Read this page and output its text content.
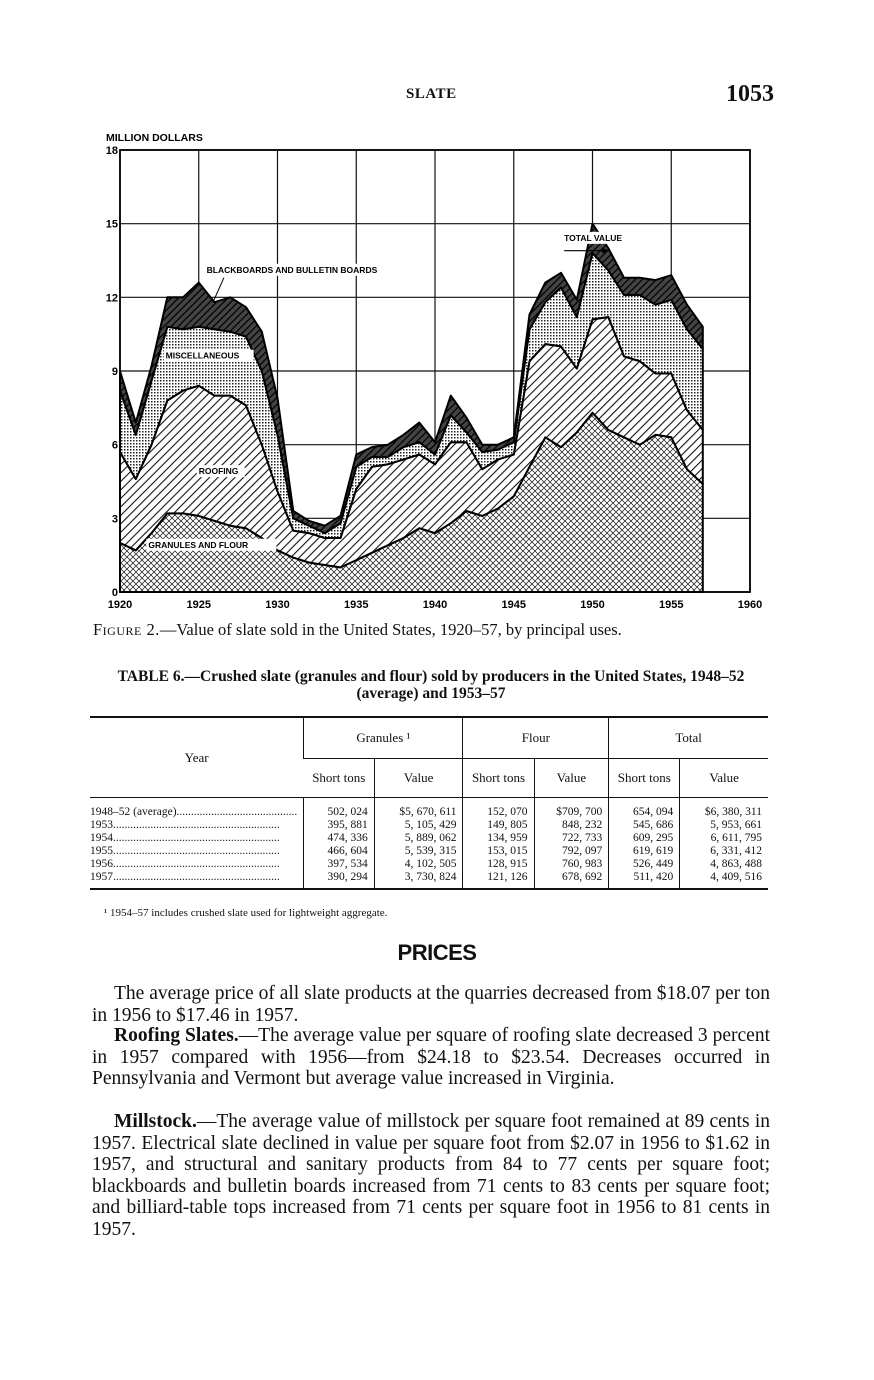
SLATE	1053
MILLION DOLLARS
0
3
6
9
12
15
18
1920	1925	1930	1935	1940	1945	1950	1955	1960
TOTAL VALUE
BLACKBOARDS AND BULLETIN BOARDS
MISCELLANEOUS
ROOFING
GRANULES AND FLOUR
Figure 2.—Value of slate sold in the United States, 1920–57, by principal uses.
TABLE 6.—Crushed slate (granules and flour) sold by producers in the United States, 1948–52 (average) and 1953–57
Year	Granules ¹		Flour		Total	
	Short tons	Value	Short tons	Value	Short tons	Value

1948–52 (average)..........................................	502, 024	$5, 670, 611	152, 070	$709, 700	654, 094	$6, 380, 311
1953..........................................................	395, 881	5, 105, 429	149, 805	848, 232	545, 686	5, 953, 661
1954..........................................................	474, 336	5, 889, 062	134, 959	722, 733	609, 295	6, 611, 795
1955..........................................................	466, 604	5, 539, 315	153, 015	792, 097	619, 619	6, 331, 412
1956..........................................................	397, 534	4, 102, 505	128, 915	760, 983	526, 449	4, 863, 488
1957..........................................................	390, 294	3, 730, 824	121, 126	678, 692	511, 420	4, 409, 516
¹ 1954–57 includes crushed slate used for lightweight aggregate.
PRICES
The average price of all slate products at the quarries decreased from $18.07 per ton in 1956 to $17.46 in 1957.
Roofing Slates.—The average value per square of roofing slate decreased 3 percent in 1957 compared with 1956—from $24.18 to $23.54. Decreases occurred in Pennsylvania and Vermont but average value increased in Virginia.
Millstock.—The average value of millstock per square foot remained at 89 cents in 1957. Electrical slate declined in value per square foot from $2.07 in 1956 to $1.62 in 1957, and structural and sanitary products from 84 to 77 cents per square foot; blackboards and bulletin boards increased from 71 cents to 83 cents per square foot; and billiard-table tops increased from 71 cents per square foot in 1956 to 81 cents in 1957.
